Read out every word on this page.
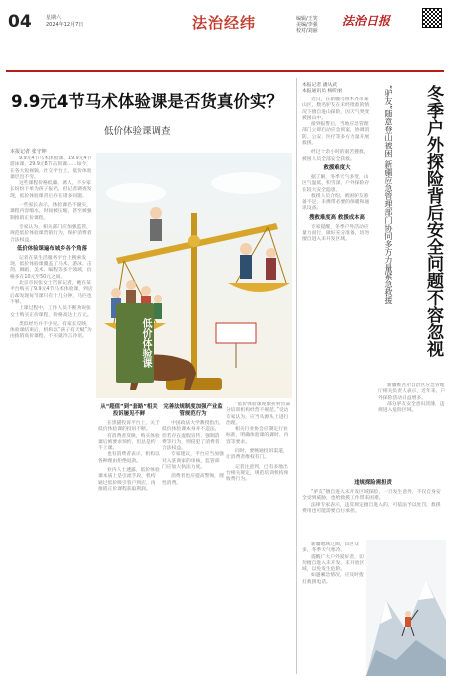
04	星期六
2024年12月7日	法治经纬	编辑/王笑
美编/李强
校对/刘丽
法治日报
9.9元4节马术体验课是否货真价实？
低价体验课调查
本报记者 张守坤

9.9元4节马术体验课、19.9元4节游泳课、29.9元8节击剑课……如今，在各大短视频、社交平台上，低价体验课层出不穷。

这些课程价格低廉、诱人，不少家长纷纷下单为孩子报名，但记者调查发现，低价体验课背后存在诸多问题。

一些家长表示，体验课名不副实，课程内容缩水，时间被压缩，甚至被强制推销正价课程。

专家认为，相关部门应加强监管，规范低价体验课营销行为，保护消费者合法权益。

低价体验课遍布城乡各个角落

记者在某生活服务平台上搜索发现，低价体验课覆盖了马术、游泳、击剑、舞蹈、美术、编程等多个领域，价格多在10元至50元之间。

北京市民张女士告诉记者，她在某平台购买了9.9元4节马术体验课，到店后却发现每节课只有十几分钟，马匹也不够。

上课过程中，工作人员不断劝说张女士购买正价课程，价格高达上万元。

类似经历并不少见。有家长反映，体验课结束后，机构以“孩子有天赋”为由推销高价课程，不买就冷言冷语。	低价体验课
从“超值”到“套路”相关投诉屡见不鲜

在黑猫投诉平台上，关于低价体验课的投诉不断。

有消费者反映，购买体验课后被要求预约，但总是约不上课。

也有消费者表示，机构以各种理由拒绝退款。

业内人士透露，低价体验课本质上是引流手段，机构通过低价吸引客户到店，再推销正价课程获取利润。

完善法规制度加强产业监管规范行为

中国政法大学教授指出，低价体验课本身并不违法，但若存在虚假宣传、强制消费等行为，则侵犯了消费者合法权益。

专家建议，平台应当加强对入驻商家的审核，监管部门应加大执法力度。

消费者也应提高警惕，理性消费。

“低价体验课现象折射出部分培训机构经营不规范。”受访专家认为，应当从源头上进行治理。

相关行业协会应制定行业标准，明确体验课的课时、内容等要求。

同时，要畅通投诉渠道，让消费者维权有门。

记者注意到，已有多地出台相关规定，规范培训机构预收费行为。

本报记者 潘从武
本报通讯员 杨昕丽	冬季户外探险背后安全问题不容忽视
“驴友”随意登山被困 新疆应急管理部门协同多方力量紧急救援

近日，在新疆乌鲁木齐市某山区，数名驴友在未经批准的情况下擅自进山探险，因天气突变被困山中。

接到报警后，当地应急管理部门立即启动应急预案，协调消防、公安、医疗等多方力量开展救援。

经过十余小时的艰苦搜救，被困人员全部安全获救。

救援难度大

据了解，冬季天气多变，山区气温低、积雪深，户外探险存在较大安全隐患。

救援人员介绍，被困驴友准备不足，未携带必要的保暖和通讯设备。

搜救难度高 救援成本高

专家提醒，冬季户外活动应量力而行，做好充分准备，切勿擅自进入未开发区域。

新疆维吾尔自治区应急管理厅相关负责人表示，近年来，户外探险活动日益增多。

部分驴友安全意识淡薄，违规进入危险区域。

违规探险需担责

“驴友”擅自进入未开发区域探险，一旦发生意外，不仅自身安全受到威胁，也给救援工作带来困难。

法律专家表示，违反规定擅自进入的，可依法予以处罚，救援费用也可能需要自行承担。

新疆地域辽阔，山区众多，冬季天气寒冷。

提醒广大户外爱好者，切勿擅自进入未开发、未开放区域，以免发生危险。

如遇紧急情况，应及时拨打救援电话。
